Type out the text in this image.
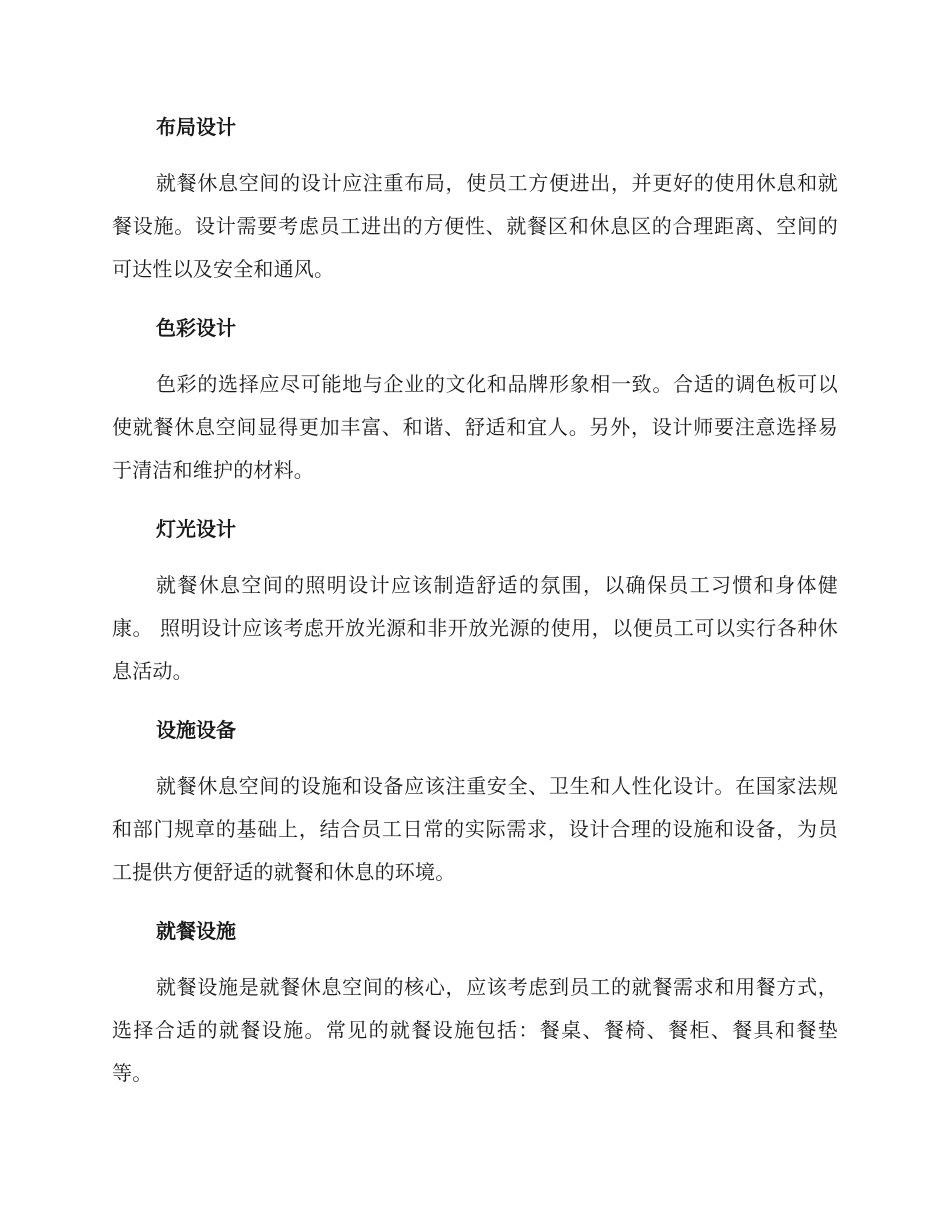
布局设计

就餐休息空间的设计应注重布局，使员工方便进出，并更好的使用休息和就餐设施。设计需要考虑员工进出的方便性、就餐区和休息区的合理距离、空间的可达性以及安全和通风。

色彩设计

色彩的选择应尽可能地与企业的文化和品牌形象相一致。合适的调色板可以使就餐休息空间显得更加丰富、和谐、舒适和宜人。另外，设计师要注意选择易于清洁和维护的材料。

灯光设计

就餐休息空间的照明设计应该制造舒适的氛围，以确保员工习惯和身体健康。 照明设计应该考虑开放光源和非开放光源的使用，以便员工可以实行各种休息活动。

设施设备

就餐休息空间的设施和设备应该注重安全、卫生和人性化设计。在国家法规和部门规章的基础上，结合员工日常的实际需求，设计合理的设施和设备，为员工提供方便舒适的就餐和休息的环境。

就餐设施

就餐设施是就餐休息空间的核心，应该考虑到员工的就餐需求和用餐方式，选择合适的就餐设施。常见的就餐设施包括：餐桌、餐椅、餐柜、餐具和餐垫等。
